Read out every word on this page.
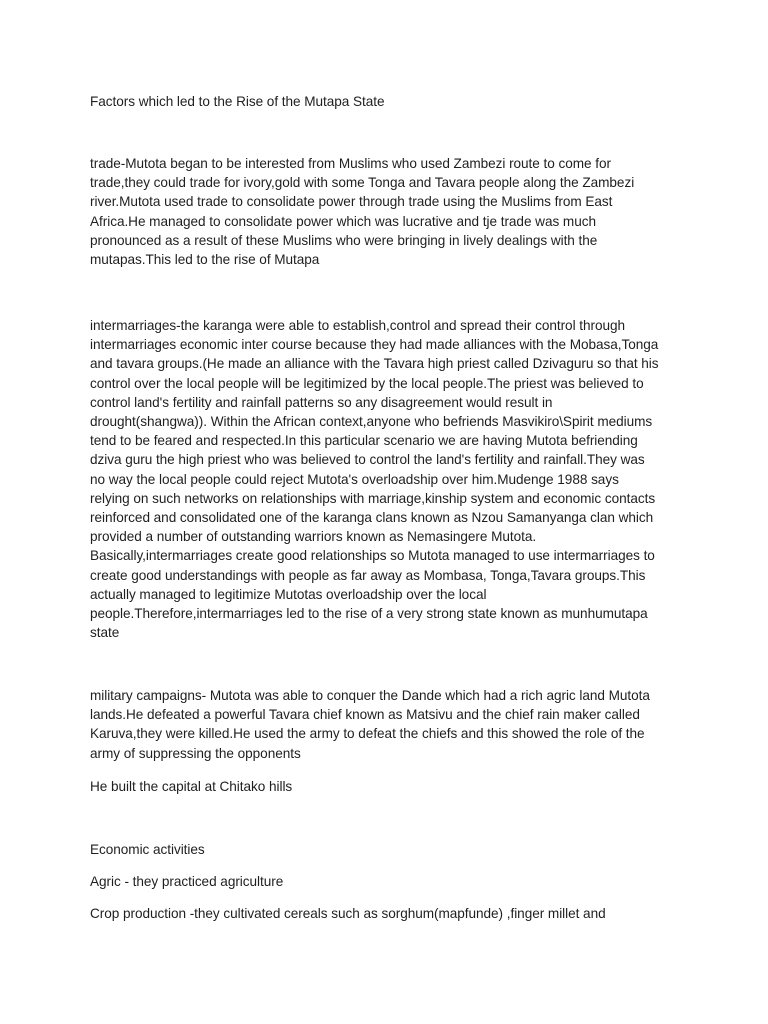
Factors which led to the Rise of the Mutapa State

trade-Mutota began to be interested from Muslims who used Zambezi route to come for
trade,they could trade for ivory,gold with some Tonga and Tavara people along the Zambezi
river.Mutota used trade to consolidate power through trade using the Muslims from East
Africa.He managed to consolidate power which was lucrative and tje trade was much
pronounced as a result of these Muslims who were bringing in lively dealings with the
mutapas.This led to the rise of Mutapa

intermarriages-the karanga were able to establish,control and spread their control through
intermarriages economic inter course because they had made alliances with the Mobasa,Tonga
and tavara groups.(He made an alliance with the Tavara high priest called Dzivaguru so that his
control over the local people will be legitimized by the local people.The priest was believed to
control land's fertility and rainfall patterns so any disagreement would result in
drought(shangwa)). Within the African context,anyone who befriends Masvikiro\Spirit mediums
tend to be feared and respected.In this particular scenario we are having Mutota befriending
dziva guru the high priest who was believed to control the land's fertility and rainfall.They was
no way the local people could reject Mutota's overloadship over him.Mudenge 1988 says
relying on such networks on relationships with marriage,kinship system and economic contacts
reinforced and consolidated one of the karanga clans known as Nzou Samanyanga clan which
provided a number of outstanding warriors known as Nemasingere Mutota.
Basically,intermarriages create good relationships so Mutota managed to use intermarriages to
create good understandings with people as far away as Mombasa, Tonga,Tavara groups.This
actually managed to legitimize Mutotas overloadship over the local
people.Therefore,intermarriages led to the rise of a very strong state known as munhumutapa
state

military campaigns- Mutota was able to conquer the Dande which had a rich agric land Mutota
lands.He defeated a powerful Tavara chief known as Matsivu and the chief rain maker called
Karuva,they were killed.He used the army to defeat the chiefs and this showed the role of the
army of suppressing the opponents

He built the capital at Chitako hills

Economic activities

Agric - they practiced agriculture

Crop production -they cultivated cereals such as sorghum(mapfunde) ,finger millet and
